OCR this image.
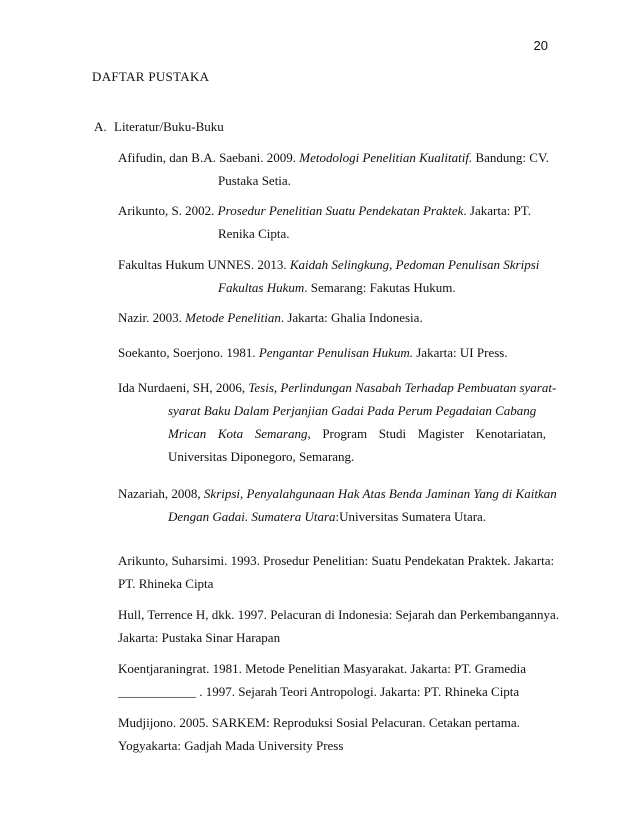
20
DAFTAR PUSTAKA
A. Literatur/Buku-Buku
Afifudin, dan B.A. Saebani. 2009. Metodologi Penelitian Kualitatif. Bandung: CV.
Pustaka Setia.
Arikunto, S. 2002. Prosedur Penelitian Suatu Pendekatan Praktek. Jakarta: PT.
Renika Cipta.
Fakultas Hukum UNNES. 2013. Kaidah Selingkung, Pedoman Penulisan Skripsi
Fakultas Hukum. Semarang: Fakutas Hukum.
Nazir. 2003. Metode Penelitian. Jakarta: Ghalia Indonesia.
Soekanto, Soerjono. 1981. Pengantar Penulisan Hukum. Jakarta: UI Press.
Ida Nurdaeni, SH, 2006, Tesis, Perlindungan Nasabah Terhadap Pembuatan syarat-
syarat Baku Dalam Perjanjian Gadai Pada Perum Pegadaian Cabang
Mrican Kota Semarang, Program Studi Magister Kenotariatan,
Universitas Diponegoro, Semarang.
Nazariah, 2008, Skripsi, Penyalahgunaan Hak Atas Benda Jaminan Yang di Kaitkan
Dengan Gadai. Sumatera Utara:Universitas Sumatera Utara.
Arikunto, Suharsimi. 1993. Prosedur Penelitian: Suatu Pendekatan Praktek. Jakarta:
PT. Rhineka Cipta
Hull, Terrence H, dkk. 1997. Pelacuran di Indonesia: Sejarah dan Perkembangannya.
Jakarta: Pustaka Sinar Harapan
Koentjaraningrat. 1981. Metode Penelitian Masyarakat. Jakarta: PT. Gramedia
____________ . 1997. Sejarah Teori Antropologi. Jakarta: PT. Rhineka Cipta
Mudjijono. 2005. SARKEM: Reproduksi Sosial Pelacuran. Cetakan pertama.
Yogyakarta: Gadjah Mada University Press
